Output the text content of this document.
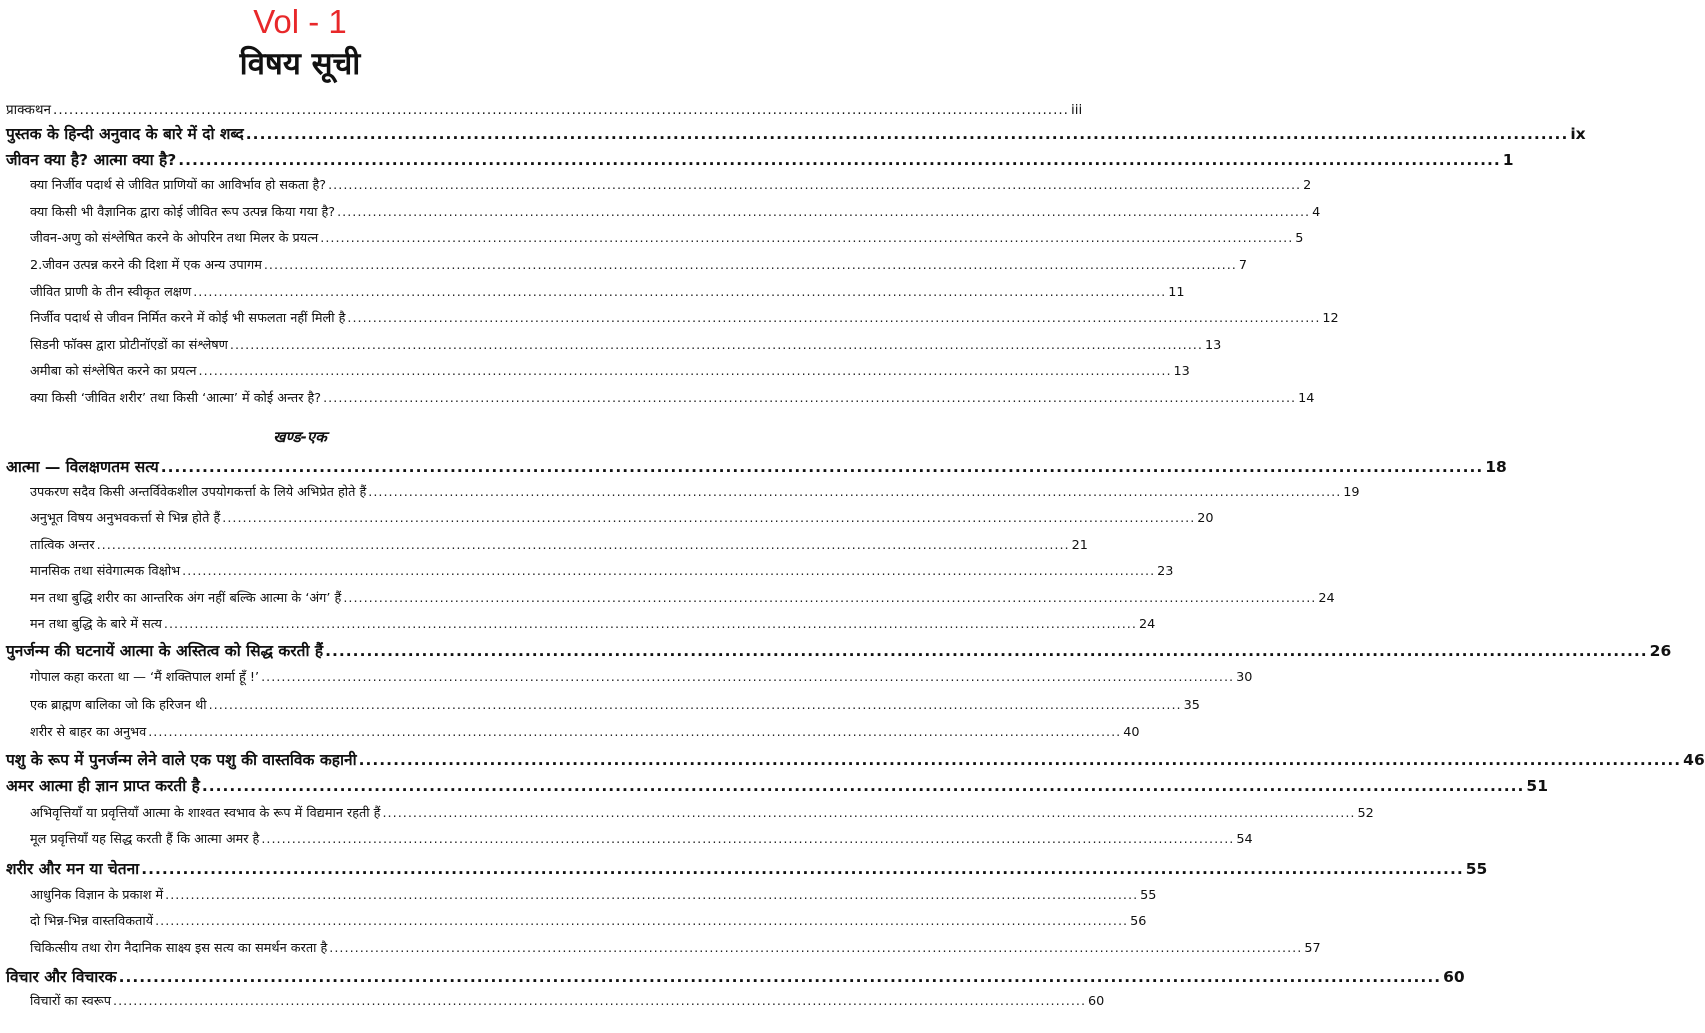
Vol - 1
विषय सूची
प्राक्कथन .....	iii
पुस्तक के हिन्दी अनुवाद के बारे में दो शब्द .....	ix
जीवन क्या है? आत्मा क्या है? .....	1
क्या निर्जीव पदार्थ से जीवित प्राणियों का आविर्भाव हो सकता है? .....	2
क्या किसी भी वैज्ञानिक द्वारा कोई जीवित रूप उत्पन्न किया गया है? .....	4
जीवन-अणु को संश्लेषित करने के ओपरिन तथा मिलर के प्रयत्न .....	5
2.जीवन उत्पन्न करने की दिशा में एक अन्य उपागम .....	7
जीवित प्राणी के तीन स्वीकृत लक्षण .....	11
निर्जीव पदार्थ से जीवन निर्मित करने में कोई भी सफलता नहीं मिली है .....	12
सिडनी फॉक्स द्वारा प्रोटीनॉएडों का संश्लेषण .....	13
अमीबा को संश्लेषित करने का प्रयत्न .....	13
क्या किसी ‘जीवित शरीर’ तथा किसी ‘आत्मा’ में कोई अन्तर है? .....	14
आत्मा — विलक्षणतम सत्य .....	18
उपकरण सदैव किसी अन्तर्विवेकशील उपयोगकर्त्ता के लिये अभिप्रेत होते हैं .....	19
अनुभूत विषय अनुभवकर्त्ता से भिन्न होते हैं .....	20
तात्विक अन्तर .....	21
मानसिक तथा संवेगात्मक विक्षोभ .....	23
मन तथा बुद्धि शरीर का आन्तरिक अंग नहीं बल्कि आत्मा के ‘अंग’ हैं .....	24
मन तथा बुद्धि के बारे में सत्य .....	24
पुनर्जन्म की घटनायें आत्मा के अस्तित्व को सिद्ध करती हैं .....	26
गोपाल कहा करता था — ‘मैं शक्तिपाल शर्मा हूँ !’ .....	30
एक ब्राह्मण बालिका जो कि हरिजन थी .....	35
शरीर से बाहर का अनुभव .....	40
पशु के रूप में पुनर्जन्म लेने वाले एक पशु की वास्तविक कहानी .....	46
अमर आत्मा ही ज्ञान प्राप्त करती है .....	51
अभिवृत्तियाँ या प्रवृत्तियाँ आत्मा के शाश्वत स्वभाव के रूप में विद्यमान रहती हैं .....	52
मूल प्रवृत्तियाँ यह सिद्ध करती हैं कि आत्मा अमर है .....	54
शरीर और मन या चेतना .....	55
आधुनिक विज्ञान के प्रकाश में .....	55
दो भिन्न-भिन्न वास्तविकतायें .....	56
चिकित्सीय तथा रोग नैदानिक साक्ष्य इस सत्य का समर्थन करता है .....	57
विचार और विचारक .....	60
विचारों का स्वरूप .....	60
खण्ड-एक
